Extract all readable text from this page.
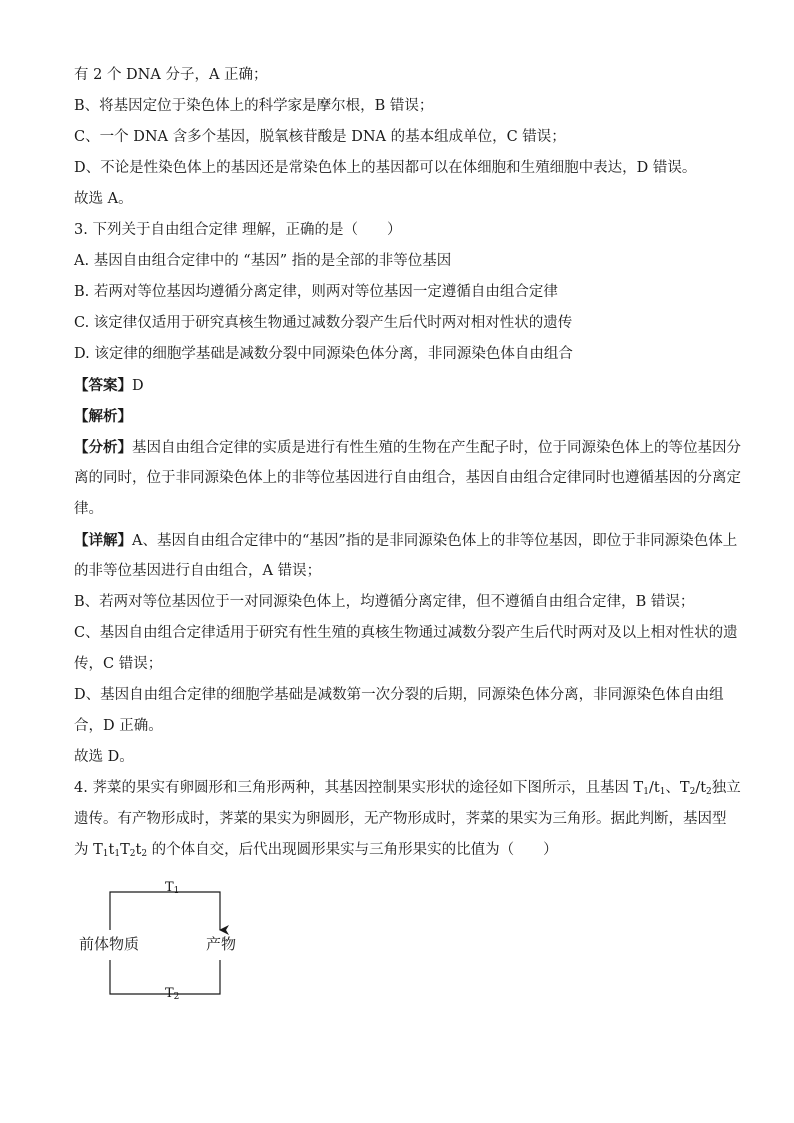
有 2 个 DNA 分子，A 正确；
B、将基因定位于染色体上的科学家是摩尔根，B 错误；
C、一个 DNA 含多个基因，脱氧核苷酸是 DNA 的基本组成单位，C 错误；
D、不论是性染色体上的基因还是常染色体上的基因都可以在体细胞和生殖细胞中表达，D 错误。
故选 A。
3. 下列关于自由组合定律 理解，正确的是（　　）
A. 基因自由组合定律中的 “基因” 指的是全部的非等位基因
B. 若两对等位基因均遵循分离定律，则两对等位基因一定遵循自由组合定律
C. 该定律仅适用于研究真核生物通过减数分裂产生后代时两对相对性状的遗传
D. 该定律的细胞学基础是减数分裂中同源染色体分离，非同源染色体自由组合
【答案】D
【解析】
【分析】基因自由组合定律的实质是进行有性生殖的生物在产生配子时，位于同源染色体上的等位基因分
离的同时，位于非同源染色体上的非等位基因进行自由组合，基因自由组合定律同时也遵循基因的分离定
律。
【详解】A、基因自由组合定律中的“基因”指的是非同源染色体上的非等位基因，即位于非同源染色体上
的非等位基因进行自由组合，A 错误；
B、若两对等位基因位于一对同源染色体上，均遵循分离定律，但不遵循自由组合定律，B 错误；
C、基因自由组合定律适用于研究有性生殖的真核生物通过减数分裂产生后代时两对及以上相对性状的遗
传，C 错误；
D、基因自由组合定律的细胞学基础是减数第一次分裂的后期，同源染色体分离，非同源染色体自由组
合，D 正确。
故选 D。
4. 荠菜的果实有卵圆形和三角形两种，其基因控制果实形状的途径如下图所示，且基因 $T_1/t_1$、$T_2/t_2$独立
遗传。有产物形成时，荠菜的果实为卵圆形，无产物形成时，荠菜的果实为三角形。据此判断，基因型
为 $T_1t_1T_2t_2$ 的个体自交，后代出现圆形果实与三角形果实的比值为（　　）
$T_1$
前体物质	产物
$T_2$
